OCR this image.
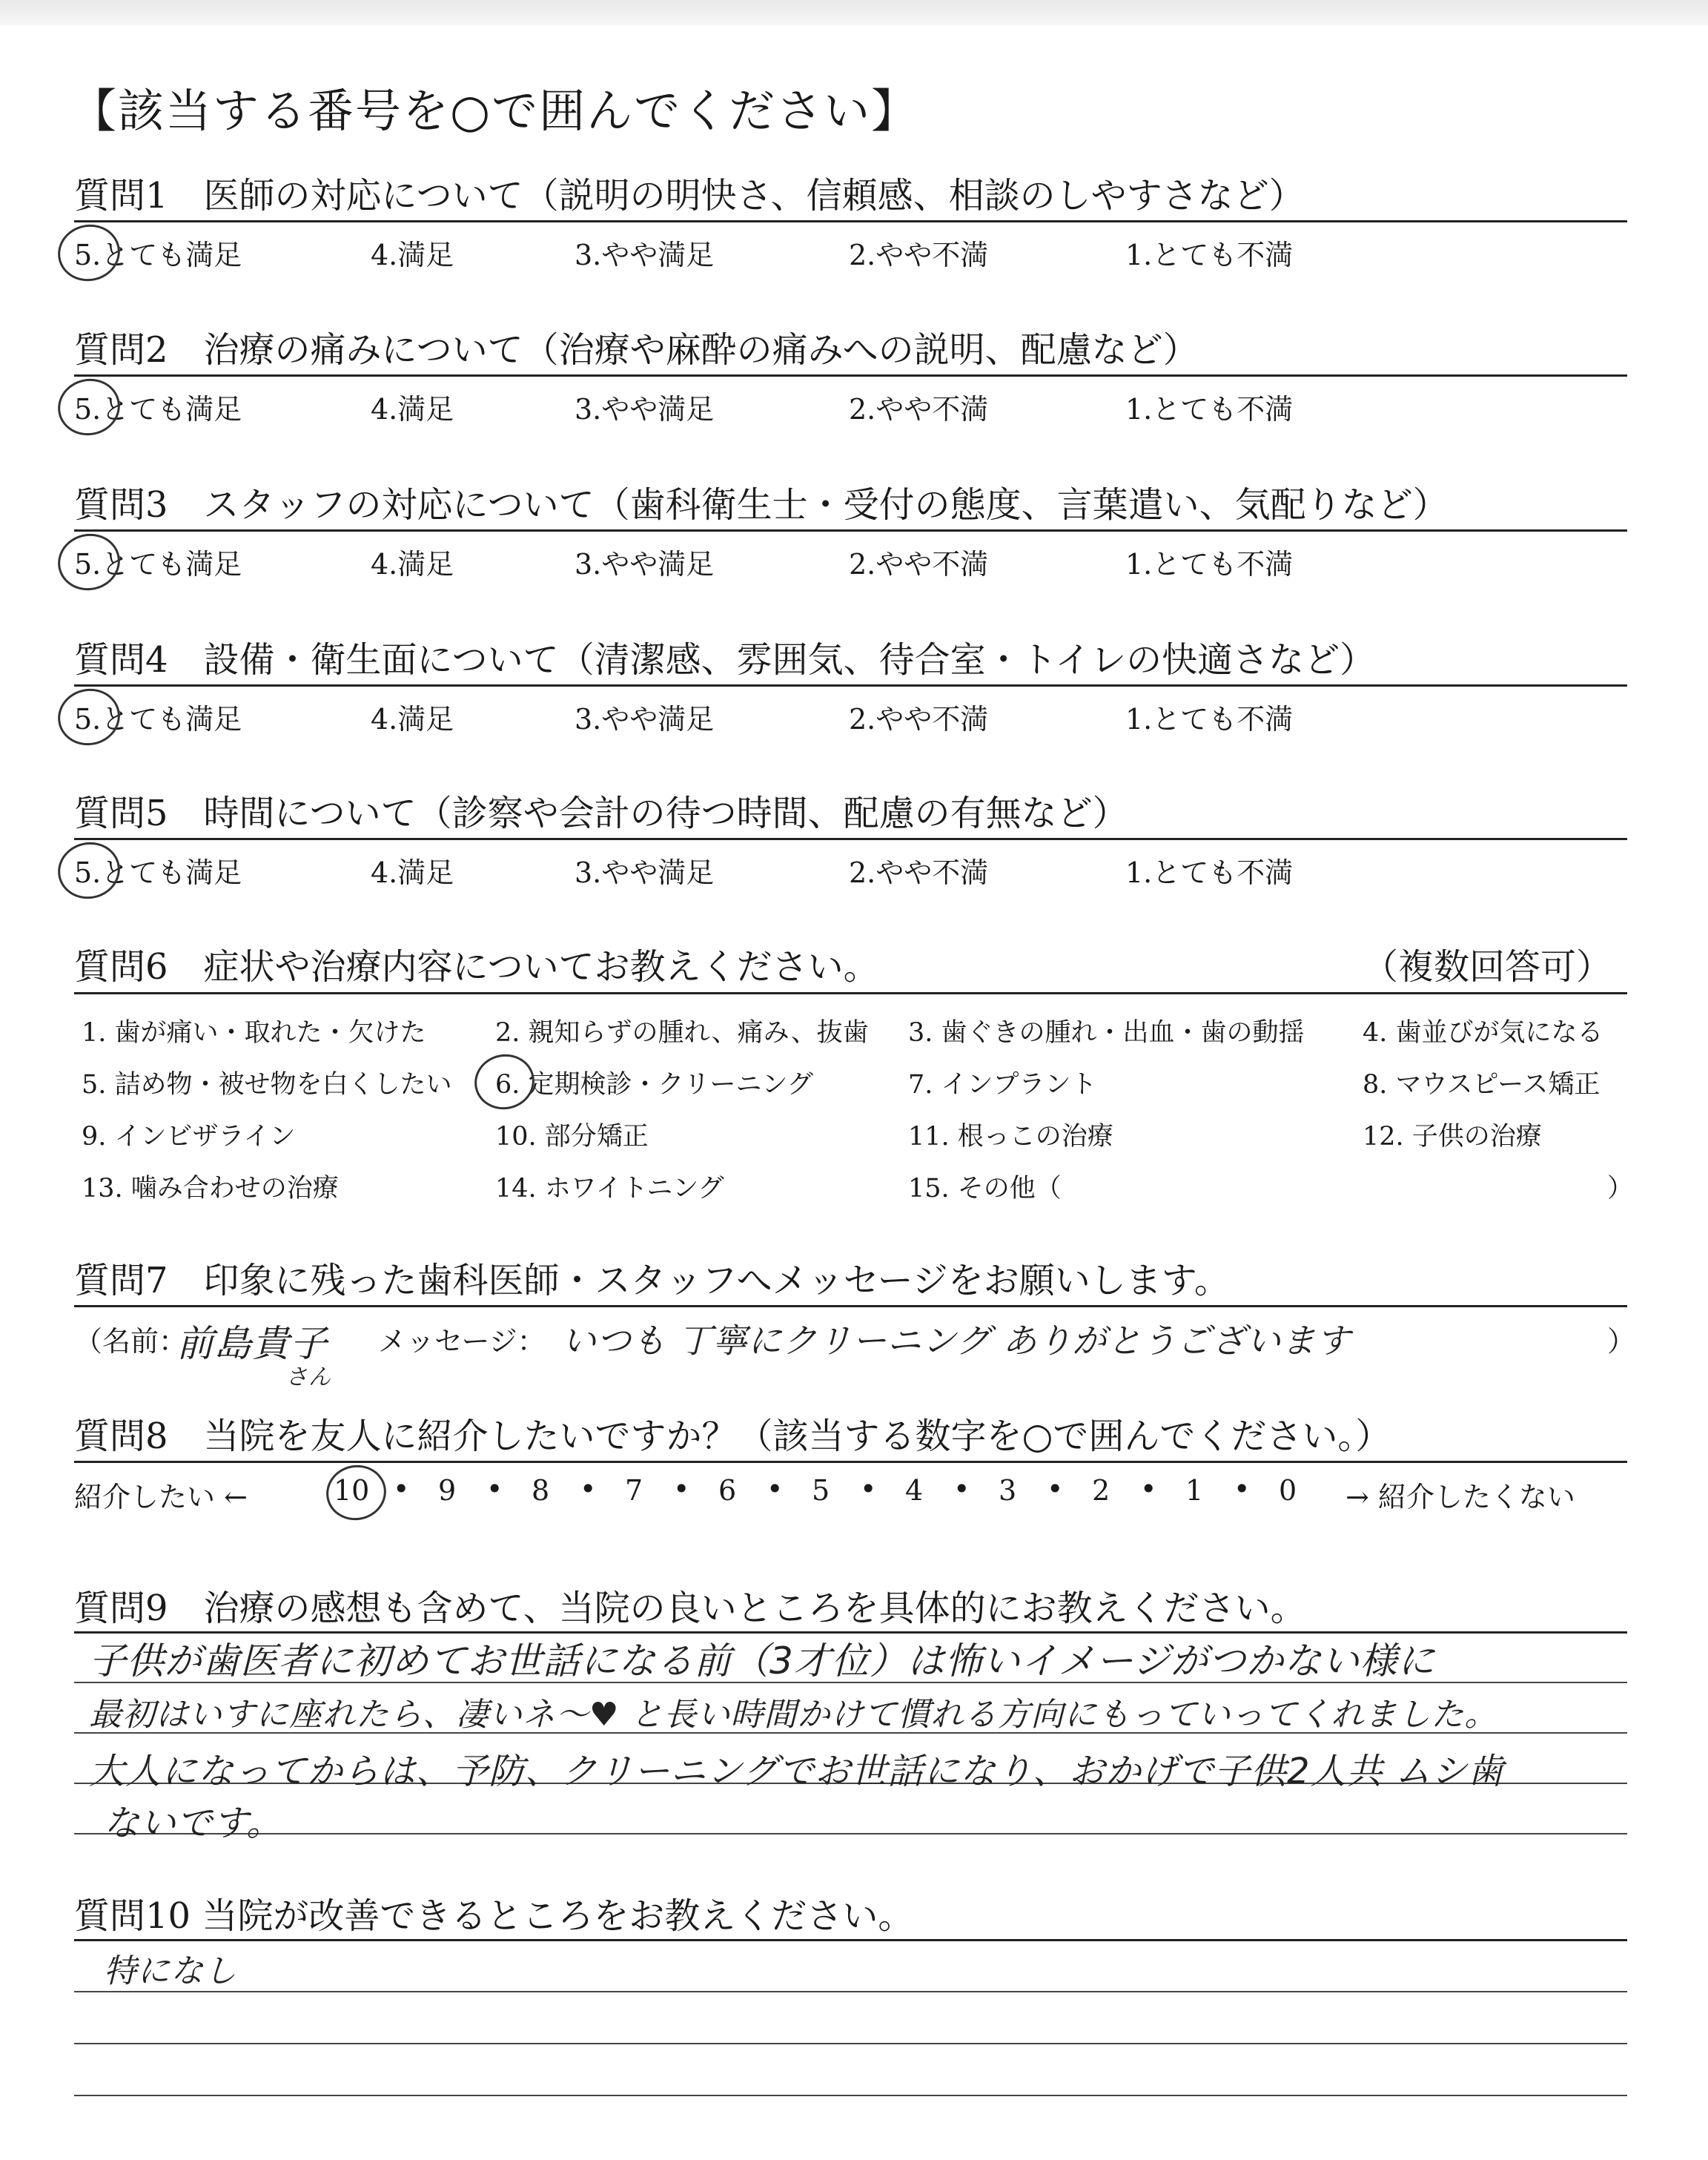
【該当する番号を○で囲んでください】
質問1　医師の対応について（説明の明快さ、信頼感、相談のしやすさなど）
5.とても満足	4.満足	3.やや満足	2.やや不満	1.とても不満
質問2　治療の痛みについて（治療や麻酔の痛みへの説明、配慮など）
5.とても満足	4.満足	3.やや満足	2.やや不満	1.とても不満
質問3　スタッフの対応について（歯科衛生士・受付の態度、言葉遣い、気配りなど）
5.とても満足	4.満足	3.やや満足	2.やや不満	1.とても不満
質問4　設備・衛生面について（清潔感、雰囲気、待合室・トイレの快適さなど）
5.とても満足	4.満足	3.やや満足	2.やや不満	1.とても不満
質問5　時間について（診察や会計の待つ時間、配慮の有無など）
5.とても満足	4.満足	3.やや満足	2.やや不満	1.とても不満
質問6　症状や治療内容についてお教えください。	（複数回答可）
1. 歯が痛い・取れた・欠けた	2. 親知らずの腫れ、痛み、抜歯 3. 歯ぐきの腫れ・出血・歯の動揺 4. 歯並びが気になる
5. 詰め物・被せ物を白くしたい 6. 定期検診・クリーニング	7. インプラント	8. マウスピース矯正
9. インビザライン	10. 部分矯正	11. 根っこの治療	12. 子供の治療
13. 噛み合わせの治療	14. ホワイトニング	15. その他（	）
質問7　印象に残った歯科医師・スタッフへメッセージをお願いします。
（名前：
前島貴子
さん
メッセージ： いつも 丁寧にクリーニング ありがとうございます	）
質問8　当院を友人に紹介したいですか？（該当する数字を○で囲んでください。）
紹介したい ←	10 • 9 • 8 • 7 • 6 • 5 • 4 • 3 • 2 • 1 • 0 → 紹介したくない
質問9　治療の感想も含めて、当院の良いところを具体的にお教えください。
子供が歯医者に初めてお世話になる前（3才位）は怖いイメージがつかない様に
最初はいすに座れたら、凄いネ〜♥ と長い時間かけて慣れる方向にもっていってくれました。
大人になってからは、予防、クリーニングでお世話になり、おかげで子供2人共 ムシ歯
ないです。
質問10 当院が改善できるところをお教えください。
特になし
